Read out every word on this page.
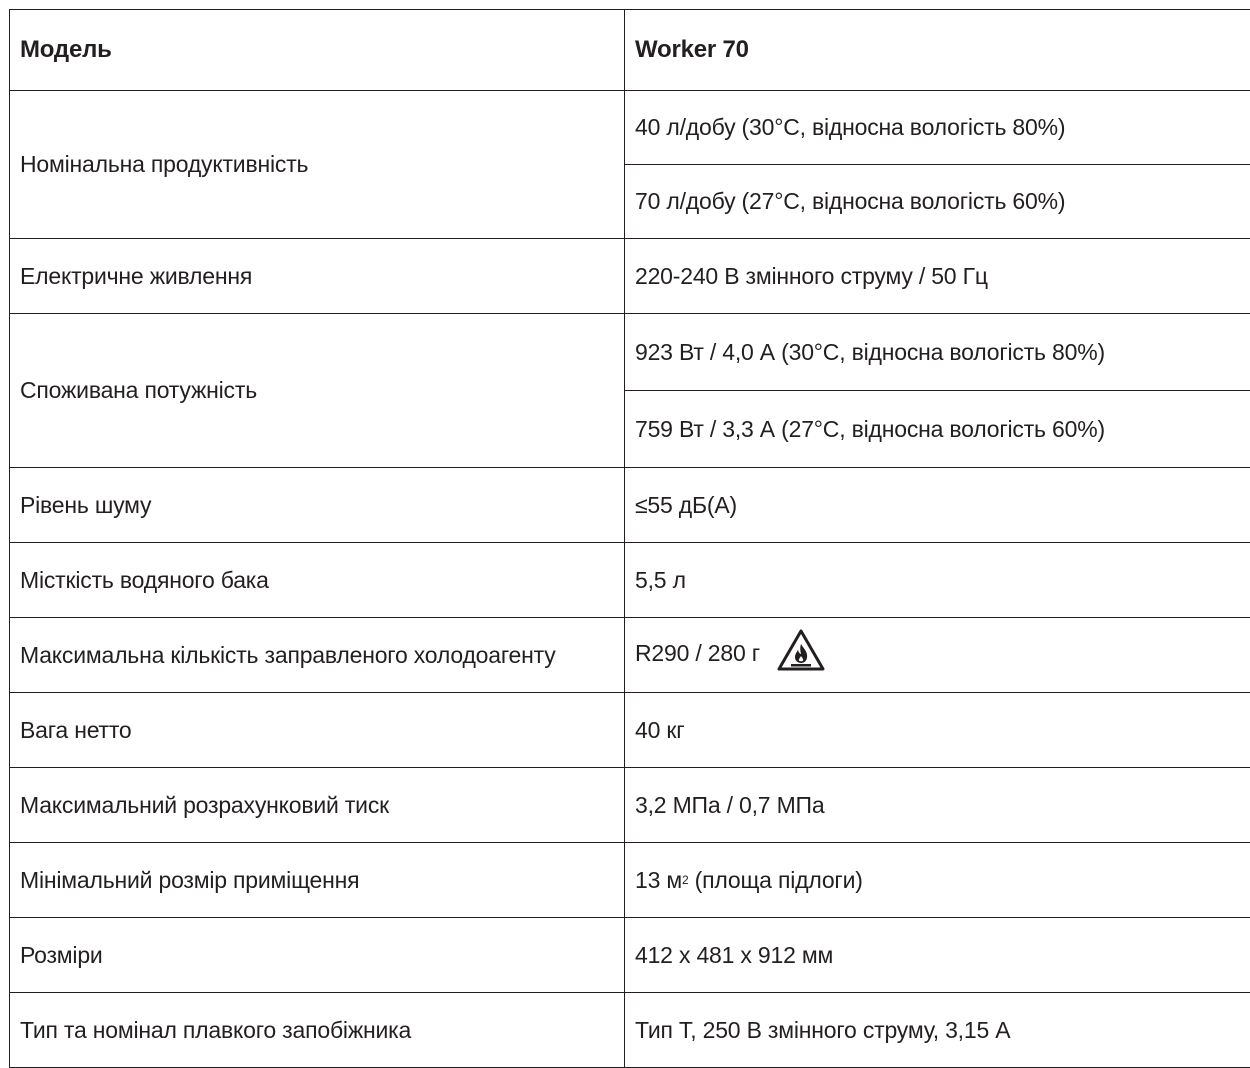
Модель	Worker 70
Номінальна продуктивність	40 л/добу (30°C, відносна вологість 80%)
	70 л/добу (27°C, відносна вологість 60%)
Електричне живлення	220-240 В змінного струму / 50 Гц
Споживана потужність	923 Вт / 4,0 А (30°C, відносна вологість 80%)
	759 Вт / 3,3 А (27°C, відносна вологість 60%)
Рівень шуму	≤55 дБ(А)
Місткість водяного бака	5,5 л
Максимальна кількість заправленого холодоагенту	R290 / 280 г
Вага нетто	40 кг
Максимальний розрахунковий тиск	3,2 МПа / 0,7 МПа
Мінімальний розмір приміщення	13 $м^2$ (площа підлоги)
Розміри	412 x 481 x 912 мм
Тип та номінал плавкого запобіжника	Тип Т, 250 В змінного струму, 3,15 А
